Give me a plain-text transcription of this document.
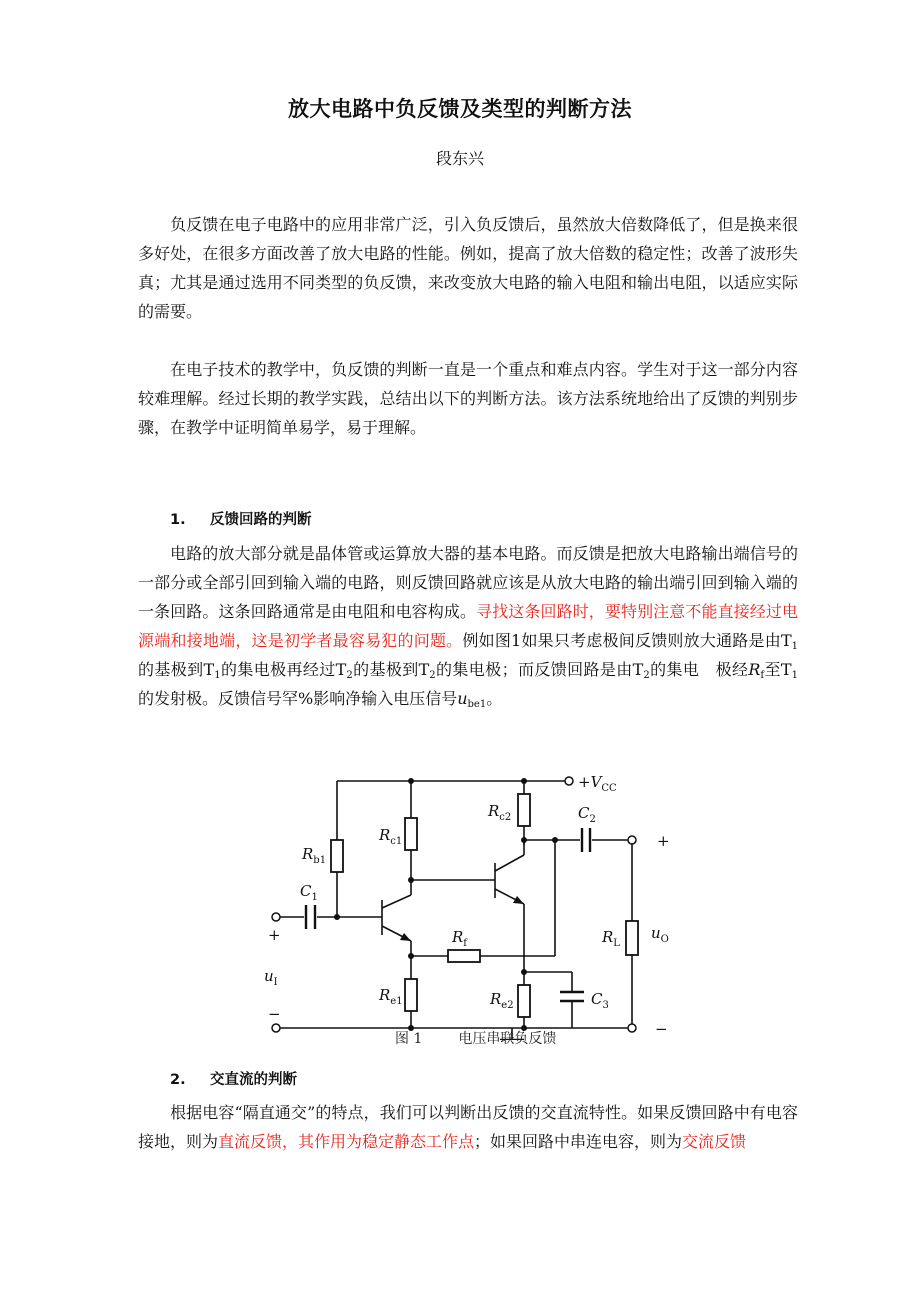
放大电路中负反馈及类型的判断方法
段东兴
负反馈在电子电路中的应用非常广泛，引入负反馈后，虽然放大倍数降低了，但是换来很多好处，在很多方面改善了放大电路的性能。例如，提高了放大倍数的稳定性；改善了波形失真；尤其是通过选用不同类型的负反馈，来改变放大电路的输入电阻和输出电阻，以适应实际的需要。
在电子技术的教学中，负反馈的判断一直是一个重点和难点内容。学生对于这一部分内容较难理解。经过长期的教学实践，总结出以下的判断方法。该方法系统地给出了反馈的判别步骤，在教学中证明简单易学，易于理解。
1. 反馈回路的判断
电路的放大部分就是晶体管或运算放大器的基本电路。而反馈是把放大电路输出端信号的一部分或全部引回到输入端的电路，则反馈回路就应该是从放大电路的输出端引回到输入端的一条回路。这条回路通常是由电阻和电容构成。寻找这条回路时，要特别注意不能直接经过电源端和接地端，这是初学者最容易犯的问题。例如图1如果只考虑极间反馈则放大通路是由$T_1$的基极到$T_1$的集电极再经过$T_2$的基极到$T_2$的集电极；而反馈回路是由$T_2$的集电　极经$R_f$至$T_1$的发射极。反馈信号罕%影响净输入电压信号$u_{be1}$。
$+V_{CC}$
$R_{c2}$	$C_2$
$R_{c1}$	+
$R_{b1}$
$C_1$
$R_f$	$R_L$
$u_O$
+
$u_I$
$R_{e1}$	$R_{e2}$	$C_3$
−
−
图 1	电压串联负反馈
2. 交直流的判断
根据电容“隔直通交”的特点，我们可以判断出反馈的交直流特性。如果反馈回路中有电容接地，则为直流反馈，其作用为稳定静态工作点；如果回路中串连电容，则为交流反馈
